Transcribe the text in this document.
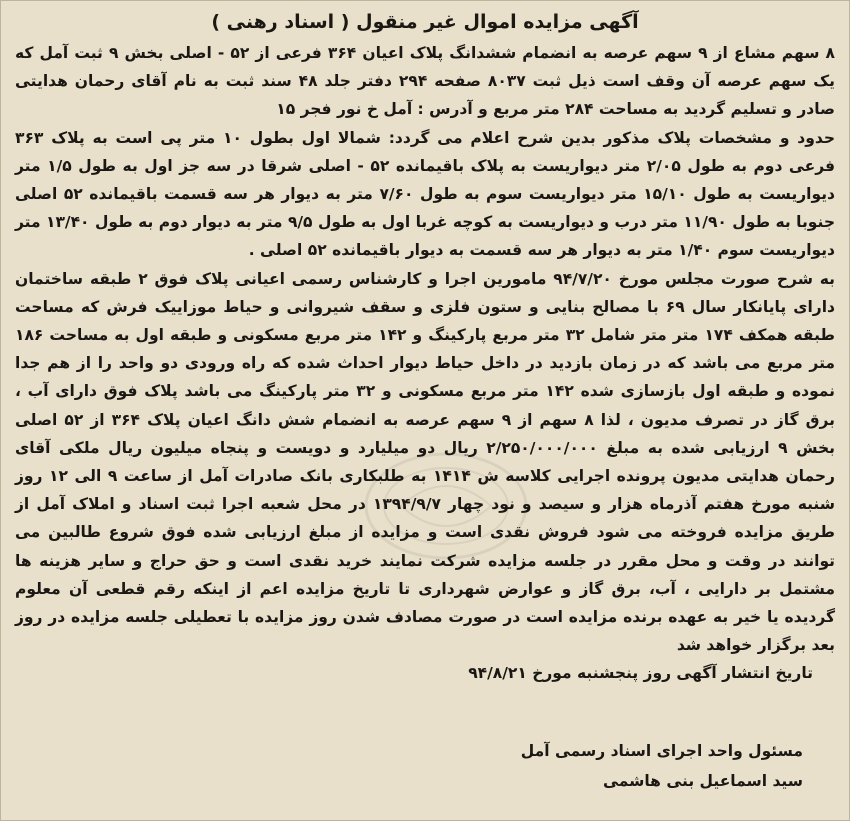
آگهی مزایده اموال غیر منقول ( اسناد رهنی )
۸ سهم مشاع از ۹ سهم عرصه به انضمام ششدانگ پلاک اعیان ۳۶۴ فرعی از ۵۲ - اصلی بخش ۹ ثبت آمل که یک سهم عرصه آن وقف است ذیل ثبت ۸۰۳۷ صفحه ۲۹۴ دفتر جلد ۴۸ سند ثبت به نام آقای رحمان هدایتی صادر و تسلیم گردید به مساحت ۲۸۴ متر مربع و آدرس : آمل خ نور فجر ۱۵
حدود و مشخصات پلاک مذکور بدین شرح اعلام می گردد: شمالا اول بطول ۱۰ متر پی است به پلاک ۳۶۳ فرعی دوم به طول ۲/۰۵ متر دیواریست به پلاک باقیمانده ۵۲ - اصلی شرقا در سه جز اول به طول ۱/۵ متر دیواریست به طول ۱۵/۱۰ متر دیواریست سوم به طول ۷/۶۰ متر به دیوار هر سه قسمت باقیمانده ۵۲ اصلی جنوبا به طول ۱۱/۹۰ متر درب و دیواریست به کوچه غربا اول به طول ۹/۵ متر به دیوار دوم به طول ۱۳/۴۰ متر دیواریست سوم ۱/۴۰ متر به دیوار هر سه قسمت به دیوار باقیمانده ۵۲ اصلی .
به شرح صورت مجلس مورخ ۹۴/۷/۲۰ مامورین اجرا و کارشناس رسمی اعیانی پلاک فوق ۲ طبقه ساختمان دارای پایانکار سال ۶۹ با مصالح بنایی و ستون فلزی و سقف شیروانی و حیاط موزاییک فرش که مساحت طبقه همکف ۱۷۴ متر متر شامل ۳۲ متر مربع پارکینگ و ۱۴۲ متر مربع مسکونی و طبقه اول به مساحت ۱۸۶ متر مربع می باشد که در زمان بازدید در داخل حیاط دیوار احداث شده که راه ورودی دو واحد را از هم جدا نموده و طبقه اول بازسازی شده ۱۴۲ متر مربع مسکونی و ۳۲ متر پارکینگ می باشد پلاک فوق دارای آب ، برق گاز در تصرف مدیون ، لذا ۸ سهم از ۹ سهم عرصه به انضمام شش دانگ اعیان پلاک ۳۶۴ از ۵۲ اصلی بخش ۹ ارزیابی شده به مبلغ ۲/۲۵۰/۰۰۰/۰۰۰ ریال دو میلیارد و دویست و پنجاه میلیون ریال ملکی آقای رحمان هدایتی مدیون پرونده اجرایی کلاسه ش ۱۴۱۴ به طلبکاری بانک صادرات آمل از ساعت ۹ الی ۱۲ روز شنبه مورخ هفتم آذرماه هزار و سیصد و نود چهار ۱۳۹۴/۹/۷ در محل شعبه اجرا ثبت اسناد و املاک آمل از طریق مزایده فروخته می شود فروش نقدی است و مزایده از مبلغ ارزیابی شده فوق شروع طالبین می توانند در وقت و محل مقرر در جلسه مزایده شرکت نمایند خرید نقدی است و حق حراج و سایر هزینه ها مشتمل بر دارایی ، آب، برق گاز و عوارض شهرداری تا تاریخ مزایده اعم از اینکه رقم قطعی آن معلوم گردیده یا خیر به عهده برنده مزایده است در صورت مصادف شدن روز مزایده با تعطیلی جلسه مزایده در روز بعد برگزار خواهد شد
تاریخ انتشار آگهی روز پنجشنبه مورخ ۹۴/۸/۲۱
مسئول واحد اجرای اسناد رسمی آمل
سید اسماعیل بنی هاشمی
